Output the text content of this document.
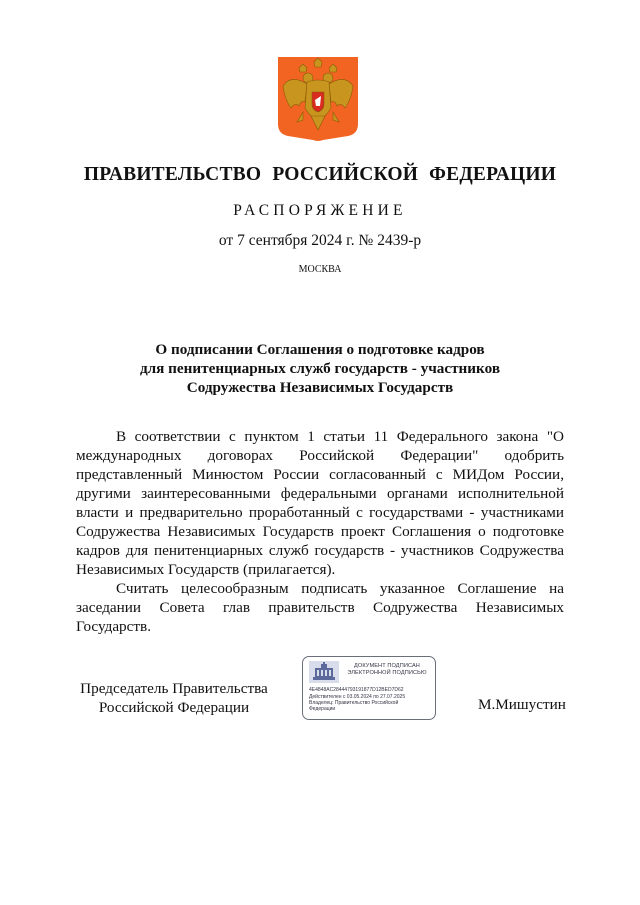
ПРАВИТЕЛЬСТВО РОССИЙСКОЙ ФЕДЕРАЦИИ
РАСПОРЯЖЕНИЕ
от 7 сентября 2024 г. № 2439-р
МОСКВА
О подписании Соглашения о подготовке кадров
для пенитенциарных служб государств - участников
Содружества Независимых Государств

В соответствии с пунктом 1 статьи 11 Федерального закона "О международных договорах Российской Федерации" одобрить представленный Минюстом России согласованный с МИДом России, другими заинтересованными федеральными органами исполнительной власти и предварительно проработанный с государствами - участниками Содружества Независимых Государств проект Соглашения о подготовке кадров для пенитенциарных служб государств - участников Содружества Независимых Государств (прилагается).

Считать целесообразным подписать указанное Соглашение на заседании Совета глав правительств Содружества Независимых Государств.

Председатель Правительства
Российской Федерации
ДОКУМЕНТ ПОДПИСАН
ЭЛЕКТРОННОЙ ПОДПИСЬЮ
4E4848AC28444793191877D12BED7D62
Действителен с 03.05.2024 по 27.07.2025
Владелец: Правительство Российской
Федерации	М.Мишустин
